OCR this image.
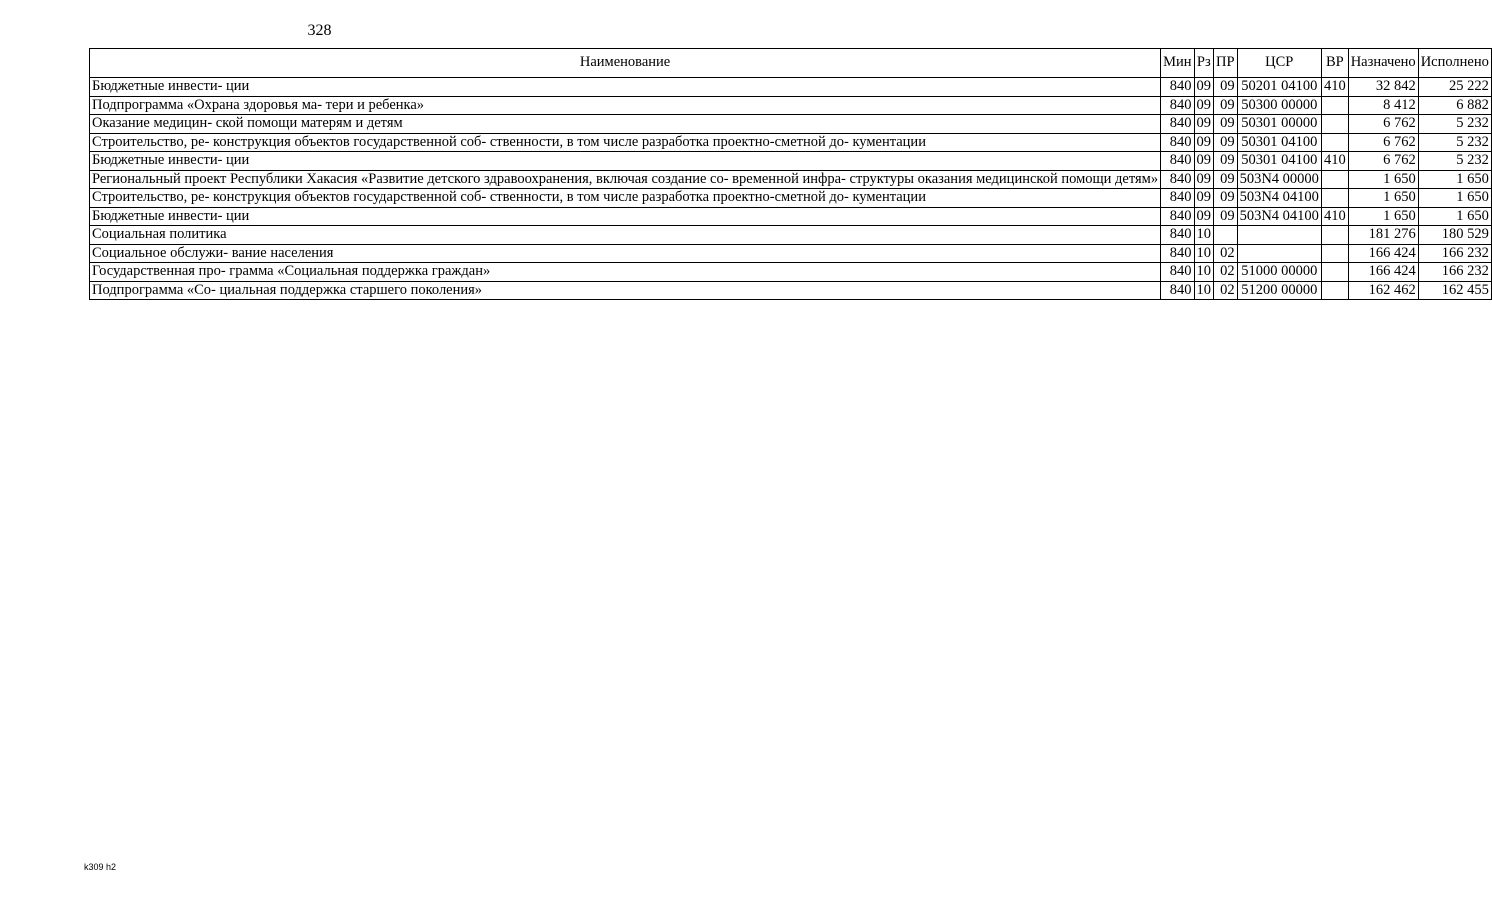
328
Наименование	Мин	Рз	ПР	ЦСР	ВР	Назначено	Исполнено
Бюджетные инвести- ции	840	09	09	50201 04100	410	32 842	25 222
Подпрограмма «Охрана здоровья ма- тери и ребенка»	840	09	09	50300 00000		8 412	6 882
Оказание медицин- ской помощи матерям и детям	840	09	09	50301 00000		6 762	5 232
Строительство, ре- конструкция объектов государственной соб- ственности, в том числе разработка проектно-сметной до- кументации	840	09	09	50301 04100		6 762	5 232
Бюджетные инвести- ции	840	09	09	50301 04100	410	6 762	5 232
Региональный проект Республики Хакасия «Развитие детского здравоохранения, включая создание со- временной инфра- структуры оказания медицинской помощи детям»	840	09	09	503N4 00000		1 650	1 650
Строительство, ре- конструкция объектов государственной соб- ственности, в том числе разработка проектно-сметной до- кументации	840	09	09	503N4 04100		1 650	1 650
Бюджетные инвести- ции	840	09	09	503N4 04100	410	1 650	1 650
Социальная политика	840	10				181 276	180 529
Социальное обслужи- вание населения	840	10	02			166 424	166 232
Государственная про- грамма «Социальная поддержка граждан»	840	10	02	51000 00000		166 424	166 232
Подпрограмма «Со- циальная поддержка старшего поколения»	840	10	02	51200 00000		162 462	162 455
k309 h2
